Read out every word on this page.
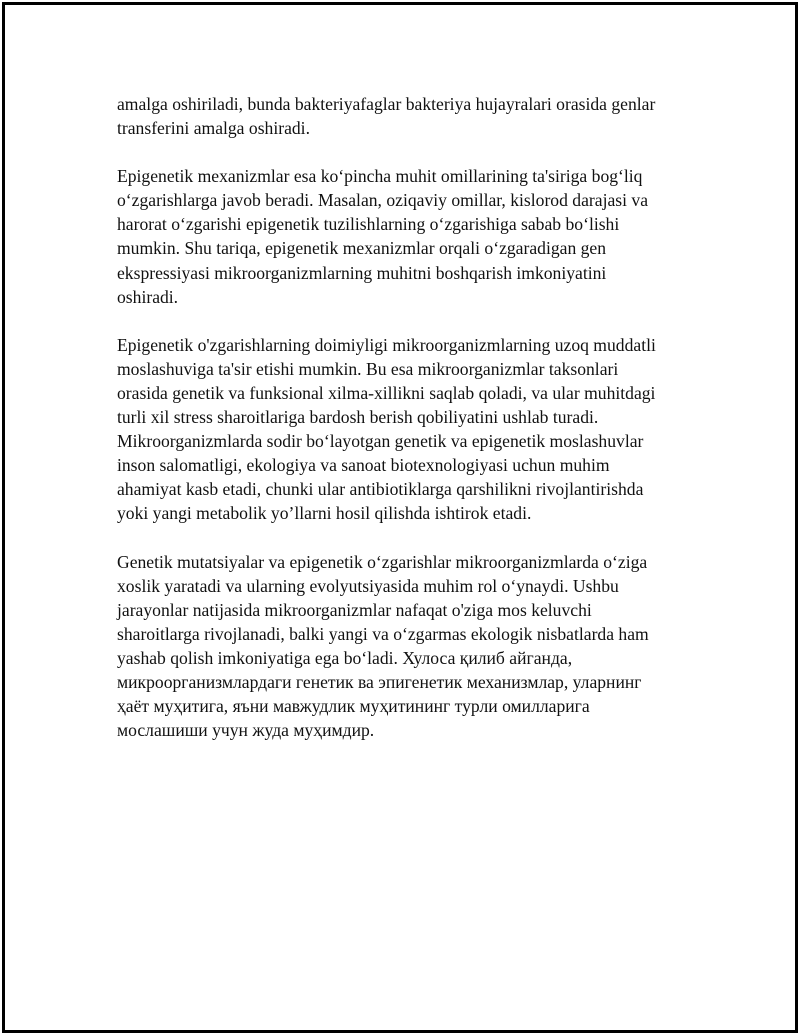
amalga oshiriladi, bunda bakteriyafaglar bakteriya hujayralari orasida genlar
transferini amalga oshiradi.

Epigenetik mexanizmlar esa ko‘pincha muhit omillarining ta'siriga bog‘liq
o‘zgarishlarga javob beradi. Masalan, oziqaviy omillar, kislorod darajasi va
harorat o‘zgarishi epigenetik tuzilishlarning o‘zgarishiga sabab bo‘lishi
mumkin. Shu tariqa, epigenetik mexanizmlar orqali o‘zgaradigan gen
ekspressiyasi mikroorganizmlarning muhitni boshqarish imkoniyatini
oshiradi.

Epigenetik o'zgarishlarning doimiyligi mikroorganizmlarning uzoq muddatli
moslashuviga ta'sir etishi mumkin. Bu esa mikroorganizmlar taksonlari
orasida genetik va funksional xilma-xillikni saqlab qoladi, va ular muhitdagi
turli xil stress sharoitlariga bardosh berish qobiliyatini ushlab turadi.
Mikroorganizmlarda sodir bo‘layotgan genetik va epigenetik moslashuvlar
inson salomatligi, ekologiya va sanoat biotexnologiyasi uchun muhim
ahamiyat kasb etadi, chunki ular antibiotiklarga qarshilikni rivojlantirishda
yoki yangi metabolik yo’llarni hosil qilishda ishtirok etadi.

Genetik mutatsiyalar va epigenetik o‘zgarishlar mikroorganizmlarda o‘ziga
xoslik yaratadi va ularning evolyutsiyasida muhim rol o‘ynaydi. Ushbu
jarayonlar natijasida mikroorganizmlar nafaqat o'ziga mos keluvchi
sharoitlarga rivojlanadi, balki yangi va o‘zgarmas ekologik nisbatlarda ham
yashab qolish imkoniyatiga ega bo‘ladi. Хулоса қилиб айганда,
микроорганизмлардаги генетик ва эпигенетик механизмлар, уларнинг
ҳаёт муҳитига, яъни мавжудлик муҳитининг турли омилларига
мослашиши учун жуда муҳимдир.
